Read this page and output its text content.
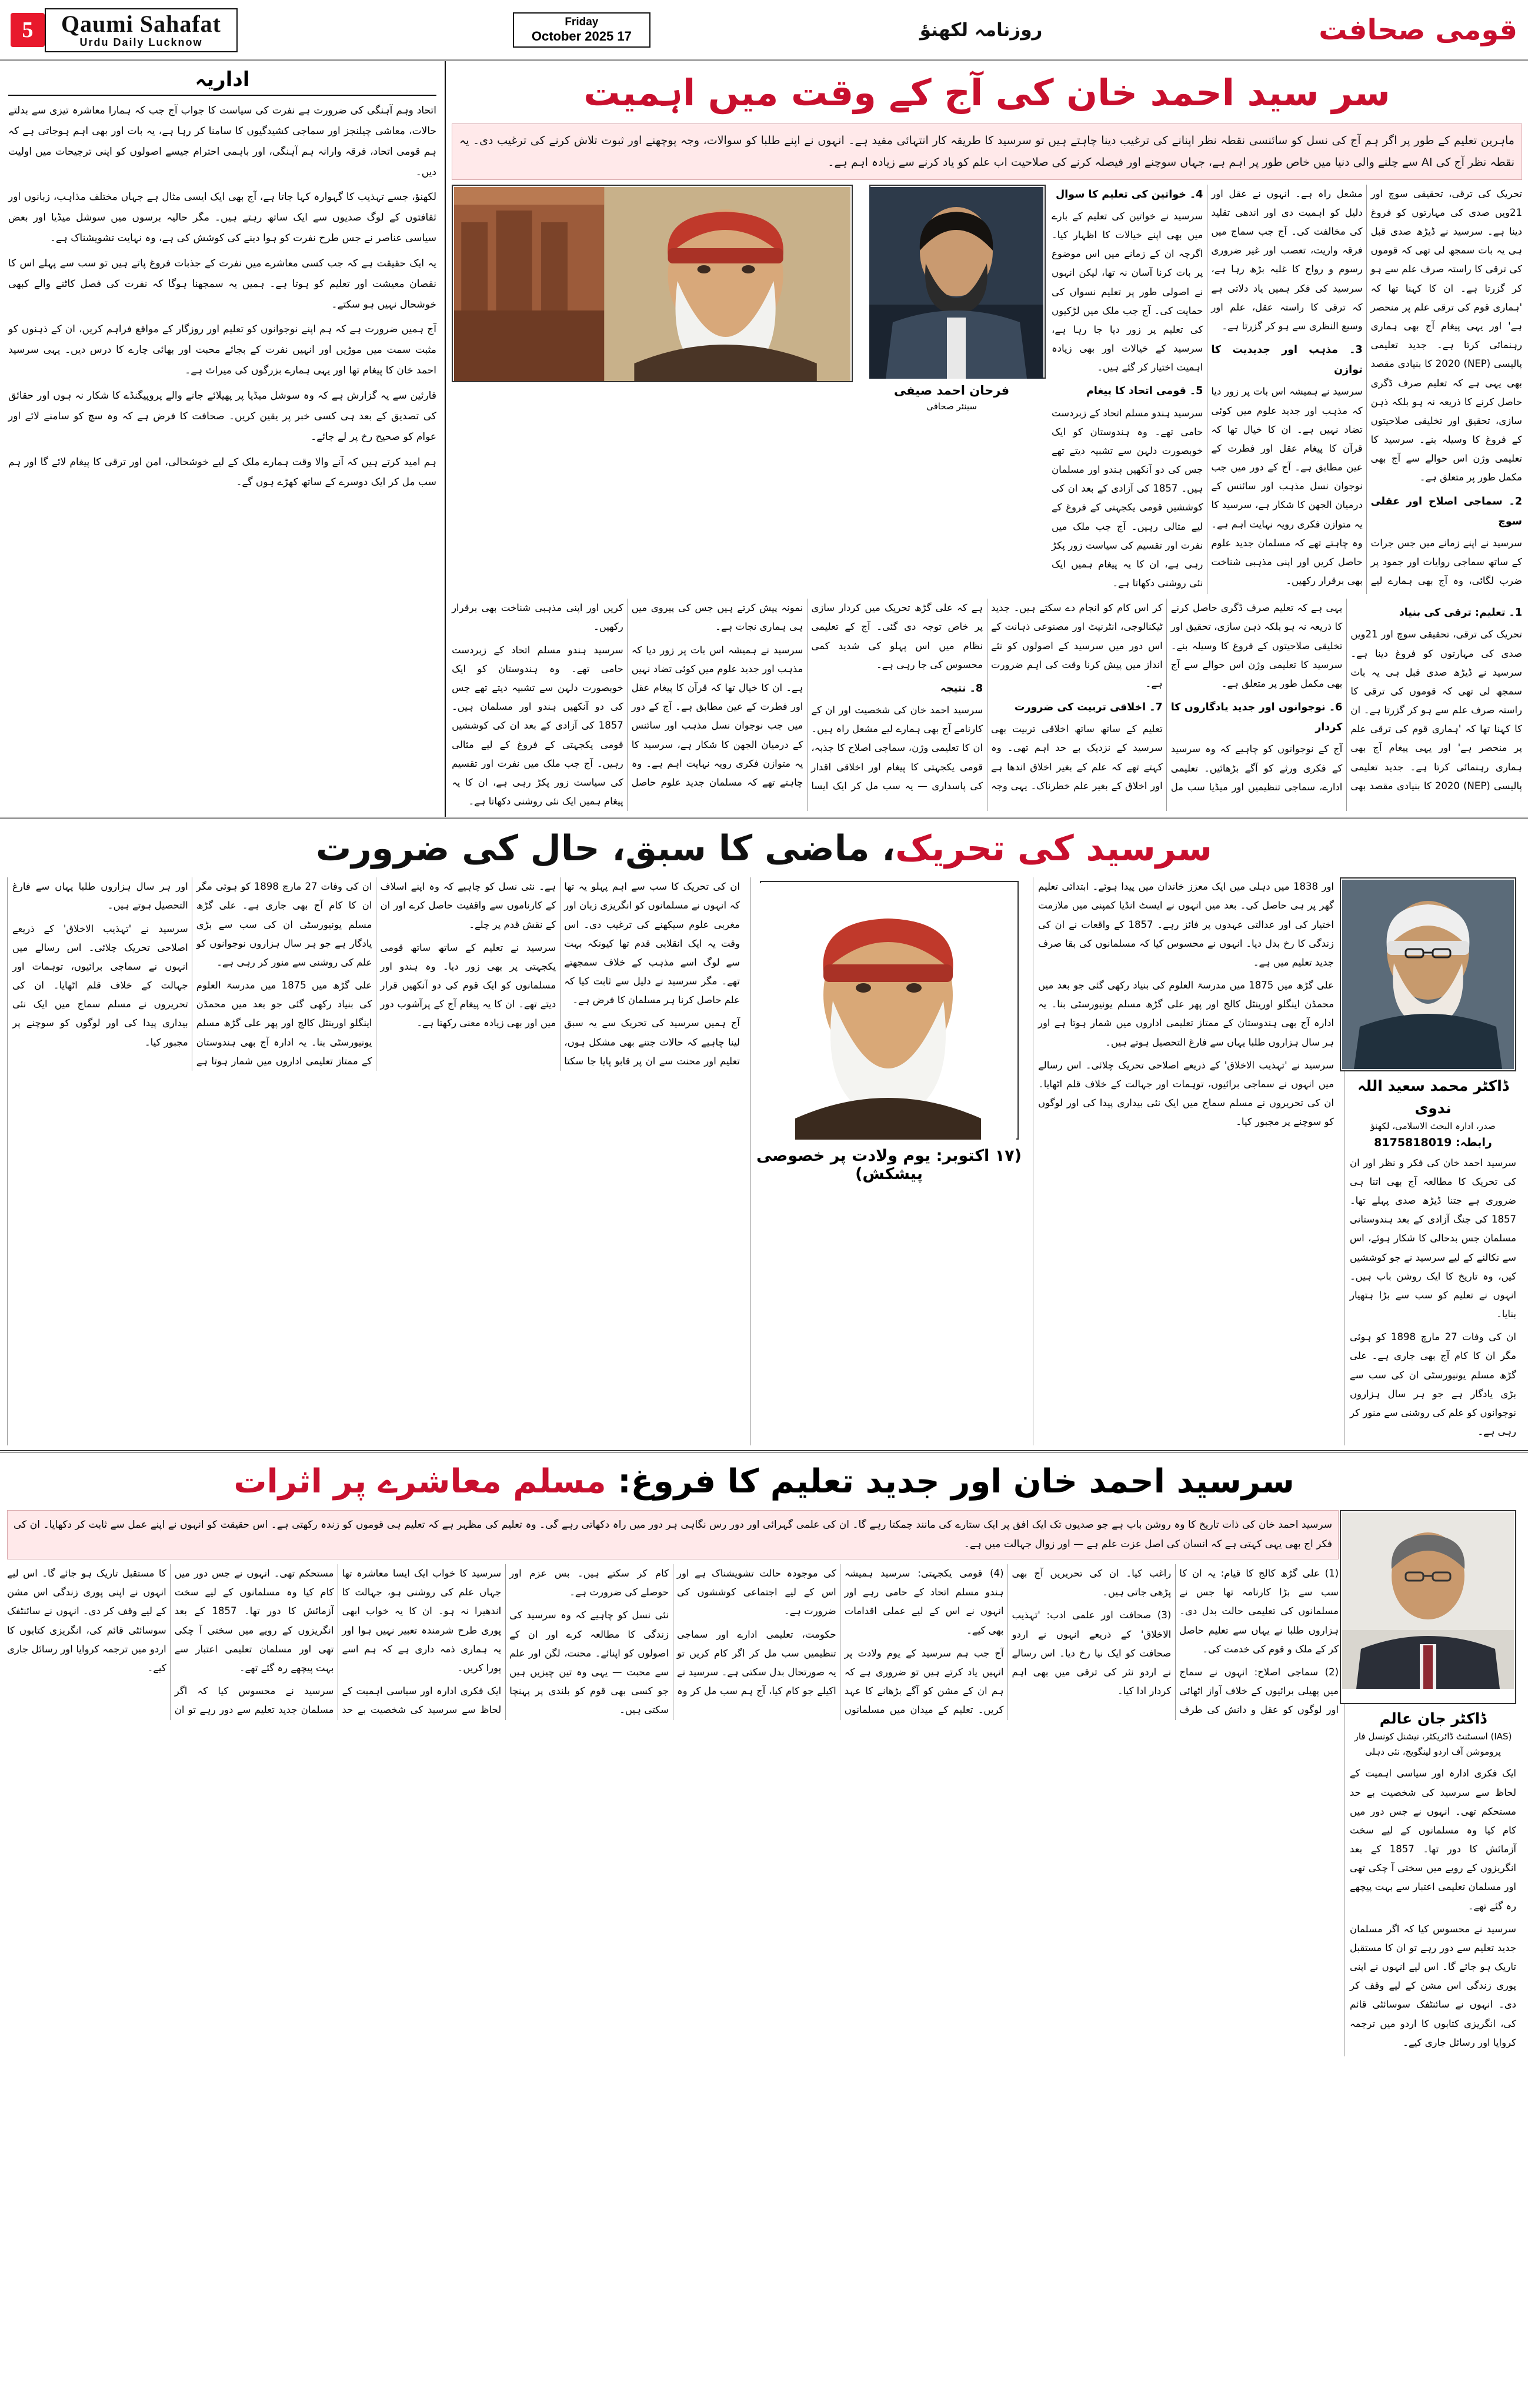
قومی صحافت
روزنامہ لکھنؤ
Friday
17 October 2025
Qaumi Sahafat
Urdu Daily Lucknow
5
سر سید احمد خان کی آج کے وقت میں اہمیت
ماہرین تعلیم کے طور پر اگر ہم آج کی نسل کو سائنسی نقطہ نظر اپنانے کی ترغیب دینا چاہتے ہیں تو سرسید کا طریقہ کار انتہائی مفید ہے۔ انہوں نے اپنے طلبا کو سوالات، وجہ پوچھنے اور ثبوت تلاش کرنے کی ترغیب دی۔ یہ نقطہ نظر آج کی AI سے چلنے والی دنیا میں خاص طور پر اہم ہے، جہاں سوچنے اور فیصلہ کرنے کی صلاحیت اب علم کو یاد کرنے سے زیادہ اہم ہے۔

تحریک کی ترقی، تحقیقی سوچ اور 21ویں صدی کی مہارتوں کو فروغ دینا ہے۔ سرسید نے ڈیڑھ صدی قبل ہی یہ بات سمجھ لی تھی کہ قوموں کی ترقی کا راستہ صرف علم سے ہو کر گزرتا ہے۔ ان کا کہنا تھا کہ 'ہماری قوم کی ترقی علم پر منحصر ہے' اور یہی پیغام آج بھی ہماری رہنمائی کرتا ہے۔ جدید تعلیمی پالیسی (NEP) 2020 کا بنیادی مقصد بھی یہی ہے کہ تعلیم صرف ڈگری حاصل کرنے کا ذریعہ نہ ہو بلکہ ذہن سازی، تحقیق اور تخلیقی صلاحیتوں کے فروغ کا وسیلہ بنے۔ سرسید کا تعلیمی وژن اس حوالے سے آج بھی مکمل طور پر متعلق ہے۔

2۔ سماجی اصلاح اور عقلی سوچ

سرسید نے اپنے زمانے میں جس جرات کے ساتھ سماجی روایات اور جمود پر ضرب لگائی، وہ آج بھی ہمارے لیے مشعل راہ ہے۔ انہوں نے عقل اور دلیل کو اہمیت دی اور اندھی تقلید کی مخالفت کی۔ آج جب سماج میں فرقہ واریت، تعصب اور غیر ضروری رسوم و رواج کا غلبہ بڑھ رہا ہے، سرسید کی فکر ہمیں یاد دلاتی ہے کہ ترقی کا راستہ عقل، علم اور وسیع النظری سے ہو کر گزرتا ہے۔

3۔ مذہب اور جدیدیت کا توازن

سرسید نے ہمیشہ اس بات پر زور دیا کہ مذہب اور جدید علوم میں کوئی تضاد نہیں ہے۔ ان کا خیال تھا کہ قرآن کا پیغام عقل اور فطرت کے عین مطابق ہے۔ آج کے دور میں جب نوجوان نسل مذہب اور سائنس کے درمیان الجھن کا شکار ہے، سرسید کا یہ متوازن فکری رویہ نہایت اہم ہے۔ وہ چاہتے تھے کہ مسلمان جدید علوم حاصل کریں اور اپنی مذہبی شناخت بھی برقرار رکھیں۔

4۔ خواتین کی تعلیم کا سوال

سرسید نے خواتین کی تعلیم کے بارے میں بھی اپنے خیالات کا اظہار کیا۔ اگرچہ ان کے زمانے میں اس موضوع پر بات کرنا آسان نہ تھا، لیکن انہوں نے اصولی طور پر تعلیم نسواں کی حمایت کی۔ آج جب ملک میں لڑکیوں کی تعلیم پر زور دیا جا رہا ہے، سرسید کے خیالات اور بھی زیادہ اہمیت اختیار کر گئے ہیں۔

5۔ قومی اتحاد کا پیغام

سرسید ہندو مسلم اتحاد کے زبردست حامی تھے۔ وہ ہندوستان کو ایک خوبصورت دلہن سے تشبیہ دیتے تھے جس کی دو آنکھیں ہندو اور مسلمان ہیں۔ 1857 کی آزادی کے بعد ان کی کوششیں قومی یکجہتی کے فروغ کے لیے مثالی رہیں۔ آج جب ملک میں نفرت اور تقسیم کی سیاست زور پکڑ رہی ہے، ان کا یہ پیغام ہمیں ایک نئی روشنی دکھاتا ہے۔

فرحان احمد صیفی
سینئر صحافی
1۔ تعلیم: ترقی کی بنیاد

تحریک کی ترقی، تحقیقی سوچ اور 21ویں صدی کی مہارتوں کو فروغ دینا ہے۔ سرسید نے ڈیڑھ صدی قبل ہی یہ بات سمجھ لی تھی کہ قوموں کی ترقی کا راستہ صرف علم سے ہو کر گزرتا ہے۔ ان کا کہنا تھا کہ 'ہماری قوم کی ترقی علم پر منحصر ہے' اور یہی پیغام آج بھی ہماری رہنمائی کرتا ہے۔ جدید تعلیمی پالیسی (NEP) 2020 کا بنیادی مقصد بھی یہی ہے کہ تعلیم صرف ڈگری حاصل کرنے کا ذریعہ نہ ہو بلکہ ذہن سازی، تحقیق اور تخلیقی صلاحیتوں کے فروغ کا وسیلہ بنے۔ سرسید کا تعلیمی وژن اس حوالے سے آج بھی مکمل طور پر متعلق ہے۔

6۔ نوجوانوں اور جدید یادگاروں کا کردار

آج کے نوجوانوں کو چاہیے کہ وہ سرسید کے فکری ورثے کو آگے بڑھائیں۔ تعلیمی ادارے، سماجی تنظیمیں اور میڈیا سب مل کر اس کام کو انجام دے سکتے ہیں۔ جدید ٹیکنالوجی، انٹرنیٹ اور مصنوعی ذہانت کے اس دور میں سرسید کے اصولوں کو نئے انداز میں پیش کرنا وقت کی اہم ضرورت ہے۔

7۔ اخلاقی تربیت کی ضرورت

تعلیم کے ساتھ ساتھ اخلاقی تربیت بھی سرسید کے نزدیک بے حد اہم تھی۔ وہ کہتے تھے کہ علم کے بغیر اخلاق اندھا ہے اور اخلاق کے بغیر علم خطرناک۔ یہی وجہ ہے کہ علی گڑھ تحریک میں کردار سازی پر خاص توجہ دی گئی۔ آج کے تعلیمی نظام میں اس پہلو کی شدید کمی محسوس کی جا رہی ہے۔

8۔ نتیجہ

سرسید احمد خان کی شخصیت اور ان کے کارنامے آج بھی ہمارے لیے مشعل راہ ہیں۔ ان کا تعلیمی وژن، سماجی اصلاح کا جذبہ، قومی یکجہتی کا پیغام اور اخلاقی اقدار کی پاسداری — یہ سب مل کر ایک ایسا نمونہ پیش کرتے ہیں جس کی پیروی میں ہی ہماری نجات ہے۔

سرسید نے ہمیشہ اس بات پر زور دیا کہ مذہب اور جدید علوم میں کوئی تضاد نہیں ہے۔ ان کا خیال تھا کہ قرآن کا پیغام عقل اور فطرت کے عین مطابق ہے۔ آج کے دور میں جب نوجوان نسل مذہب اور سائنس کے درمیان الجھن کا شکار ہے، سرسید کا یہ متوازن فکری رویہ نہایت اہم ہے۔ وہ چاہتے تھے کہ مسلمان جدید علوم حاصل کریں اور اپنی مذہبی شناخت بھی برقرار رکھیں۔

سرسید ہندو مسلم اتحاد کے زبردست حامی تھے۔ وہ ہندوستان کو ایک خوبصورت دلہن سے تشبیہ دیتے تھے جس کی دو آنکھیں ہندو اور مسلمان ہیں۔ 1857 کی آزادی کے بعد ان کی کوششیں قومی یکجہتی کے فروغ کے لیے مثالی رہیں۔ آج جب ملک میں نفرت اور تقسیم کی سیاست زور پکڑ رہی ہے، ان کا یہ پیغام ہمیں ایک نئی روشنی دکھاتا ہے۔

اداریہ

اتحاد وہم آہنگی کی ضرورت ہے نفرت کی سیاست کا جواب آج جب کہ ہمارا معاشرہ تیزی سے بدلتے حالات، معاشی چیلنجز اور سماجی کشیدگیوں کا سامنا کر رہا ہے، یہ بات اور بھی اہم ہوجاتی ہے کہ ہم قومی اتحاد، فرقہ وارانہ ہم آہنگی، اور باہمی احترام جیسے اصولوں کو اپنی ترجیحات میں اولیت دیں۔

لکھنؤ، جسے تہذیب کا گہوارہ کہا جاتا ہے، آج بھی ایک ایسی مثال ہے جہاں مختلف مذاہب، زبانوں اور ثقافتوں کے لوگ صدیوں سے ایک ساتھ رہتے ہیں۔ مگر حالیہ برسوں میں سوشل میڈیا اور بعض سیاسی عناصر نے جس طرح نفرت کو ہوا دینے کی کوشش کی ہے، وہ نہایت تشویشناک ہے۔

یہ ایک حقیقت ہے کہ جب کسی معاشرے میں نفرت کے جذبات فروغ پاتے ہیں تو سب سے پہلے اس کا نقصان معیشت اور تعلیم کو ہوتا ہے۔ ہمیں یہ سمجھنا ہوگا کہ نفرت کی فصل کاٹنے والے کبھی خوشحال نہیں ہو سکتے۔

آج ہمیں ضرورت ہے کہ ہم اپنے نوجوانوں کو تعلیم اور روزگار کے مواقع فراہم کریں، ان کے ذہنوں کو مثبت سمت میں موڑیں اور انہیں نفرت کے بجائے محبت اور بھائی چارے کا درس دیں۔ یہی سرسید احمد خان کا پیغام تھا اور یہی ہمارے بزرگوں کی میراث ہے۔

قارئین سے یہ گزارش ہے کہ وہ سوشل میڈیا پر پھیلائے جانے والے پروپیگنڈے کا شکار نہ ہوں اور حقائق کی تصدیق کے بعد ہی کسی خبر پر یقین کریں۔ صحافت کا فرض ہے کہ وہ سچ کو سامنے لائے اور عوام کو صحیح رخ پر لے جائے۔

ہم امید کرتے ہیں کہ آنے والا وقت ہمارے ملک کے لیے خوشحالی، امن اور ترقی کا پیغام لائے گا اور ہم سب مل کر ایک دوسرے کے ساتھ کھڑے ہوں گے۔

سرسید کی تحریک، ماضی کا سبق، حال کی ضرورت
ڈاکٹر محمد سعید اللہ ندوی
صدر، ادارہ البحث الاسلامی، لکھنؤ
رابطہ: 8175818019

سرسید احمد خان کی فکر و نظر اور ان کی تحریک کا مطالعہ آج بھی اتنا ہی ضروری ہے جتنا ڈیڑھ صدی پہلے تھا۔ 1857 کی جنگ آزادی کے بعد ہندوستانی مسلمان جس بدحالی کا شکار ہوئے، اس سے نکالنے کے لیے سرسید نے جو کوششیں کیں، وہ تاریخ کا ایک روشن باب ہیں۔ انہوں نے تعلیم کو سب سے بڑا ہتھیار بنایا۔

ان کی وفات 27 مارچ 1898 کو ہوئی مگر ان کا کام آج بھی جاری ہے۔ علی گڑھ مسلم یونیورسٹی ان کی سب سے بڑی یادگار ہے جو ہر سال ہزاروں نوجوانوں کو علم کی روشنی سے منور کر رہی ہے۔

اور 1838 میں دہلی میں ایک معزز خاندان میں پیدا ہوئے۔ ابتدائی تعلیم گھر پر ہی حاصل کی۔ بعد میں انہوں نے ایسٹ انڈیا کمپنی میں ملازمت اختیار کی اور عدالتی عہدوں پر فائز رہے۔ 1857 کے واقعات نے ان کی زندگی کا رخ بدل دیا۔ انہوں نے محسوس کیا کہ مسلمانوں کی بقا صرف جدید تعلیم میں ہے۔

علی گڑھ میں 1875 میں مدرسۃ العلوم کی بنیاد رکھی گئی جو بعد میں محمڈن اینگلو اورینٹل کالج اور پھر علی گڑھ مسلم یونیورسٹی بنا۔ یہ ادارہ آج بھی ہندوستان کے ممتاز تعلیمی اداروں میں شمار ہوتا ہے اور ہر سال ہزاروں طلبا یہاں سے فارغ التحصیل ہوتے ہیں۔

سرسید نے 'تہذیب الاخلاق' کے ذریعے اصلاحی تحریک چلائی۔ اس رسالے میں انہوں نے سماجی برائیوں، توہمات اور جہالت کے خلاف قلم اٹھایا۔ ان کی تحریروں نے مسلم سماج میں ایک نئی بیداری پیدا کی اور لوگوں کو سوچنے پر مجبور کیا۔

(۱۷ اکتوبر: یوم ولادت پر خصوصی پیشکش)

ان کی تحریک کا سب سے اہم پہلو یہ تھا کہ انہوں نے مسلمانوں کو انگریزی زبان اور مغربی علوم سیکھنے کی ترغیب دی۔ اس وقت یہ ایک انقلابی قدم تھا کیونکہ بہت سے لوگ اسے مذہب کے خلاف سمجھتے تھے۔ مگر سرسید نے دلیل سے ثابت کیا کہ علم حاصل کرنا ہر مسلمان کا فرض ہے۔

آج ہمیں سرسید کی تحریک سے یہ سبق لینا چاہیے کہ حالات جتنے بھی مشکل ہوں، تعلیم اور محنت سے ان پر قابو پایا جا سکتا ہے۔ نئی نسل کو چاہیے کہ وہ اپنے اسلاف کے کارناموں سے واقفیت حاصل کرے اور ان کے نقش قدم پر چلے۔

سرسید نے تعلیم کے ساتھ ساتھ قومی یکجہتی پر بھی زور دیا۔ وہ ہندو اور مسلمانوں کو ایک قوم کی دو آنکھیں قرار دیتے تھے۔ ان کا یہ پیغام آج کے پرآشوب دور میں اور بھی زیادہ معنی رکھتا ہے۔

ان کی وفات 27 مارچ 1898 کو ہوئی مگر ان کا کام آج بھی جاری ہے۔ علی گڑھ مسلم یونیورسٹی ان کی سب سے بڑی یادگار ہے جو ہر سال ہزاروں نوجوانوں کو علم کی روشنی سے منور کر رہی ہے۔

علی گڑھ میں 1875 میں مدرسۃ العلوم کی بنیاد رکھی گئی جو بعد میں محمڈن اینگلو اورینٹل کالج اور پھر علی گڑھ مسلم یونیورسٹی بنا۔ یہ ادارہ آج بھی ہندوستان کے ممتاز تعلیمی اداروں میں شمار ہوتا ہے اور ہر سال ہزاروں طلبا یہاں سے فارغ التحصیل ہوتے ہیں۔

سرسید نے 'تہذیب الاخلاق' کے ذریعے اصلاحی تحریک چلائی۔ اس رسالے میں انہوں نے سماجی برائیوں، توہمات اور جہالت کے خلاف قلم اٹھایا۔ ان کی تحریروں نے مسلم سماج میں ایک نئی بیداری پیدا کی اور لوگوں کو سوچنے پر مجبور کیا۔

سرسید احمد خان اور جدید تعلیم کا فروغ: مسلم معاشرے پر اثرات
ڈاکٹر جان عالم
(IAS) اسسٹنٹ ڈائریکٹر، نیشنل کونسل فار پروموشن آف اردو لینگویج، نئی دہلی

ایک فکری ادارہ اور سیاسی اہمیت کے لحاظ سے سرسید کی شخصیت بے حد مستحکم تھی۔ انہوں نے جس دور میں کام کیا وہ مسلمانوں کے لیے سخت آزمائش کا دور تھا۔ 1857 کے بعد انگریزوں کے رویے میں سختی آ چکی تھی اور مسلمان تعلیمی اعتبار سے بہت پیچھے رہ گئے تھے۔

سرسید نے محسوس کیا کہ اگر مسلمان جدید تعلیم سے دور رہے تو ان کا مستقبل تاریک ہو جائے گا۔ اس لیے انہوں نے اپنی پوری زندگی اس مشن کے لیے وقف کر دی۔ انہوں نے سائنٹفک سوسائٹی قائم کی، انگریزی کتابوں کا اردو میں ترجمہ کروایا اور رسائل جاری کیے۔

سرسید احمد خان کی ذات تاریخ کا وہ روشن باب ہے جو صدیوں تک ایک افق پر ایک ستارے کی مانند چمکتا رہے گا۔ ان کی علمی گہرائی اور دور رس نگاہی ہر دور میں راہ دکھاتی رہے گی۔ وہ تعلیم کی مظہر ہے کہ تعلیم ہی قوموں کو زندہ رکھتی ہے۔ اس حقیقت کو انہوں نے اپنے عمل سے ثابت کر دکھایا۔ ان کی فکر اج بھی یہی کہتی ہے کہ انسان کی اصل عزت علم ہے — اور زوال جہالت میں ہے۔

(1) علی گڑھ کالج کا قیام: یہ ان کا سب سے بڑا کارنامہ تھا جس نے مسلمانوں کی تعلیمی حالت بدل دی۔ ہزاروں طلبا نے یہاں سے تعلیم حاصل کر کے ملک و قوم کی خدمت کی۔

(2) سماجی اصلاح: انہوں نے سماج میں پھیلی برائیوں کے خلاف آواز اٹھائی اور لوگوں کو عقل و دانش کی طرف راغب کیا۔ ان کی تحریریں آج بھی پڑھی جاتی ہیں۔

(3) صحافت اور علمی ادب: 'تہذیب الاخلاق' کے ذریعے انہوں نے اردو صحافت کو ایک نیا رخ دیا۔ اس رسالے نے اردو نثر کی ترقی میں بھی اہم کردار ادا کیا۔

(4) قومی یکجہتی: سرسید ہمیشہ ہندو مسلم اتحاد کے حامی رہے اور انہوں نے اس کے لیے عملی اقدامات بھی کیے۔

آج جب ہم سرسید کے یوم ولادت پر انہیں یاد کرتے ہیں تو ضروری ہے کہ ہم ان کے مشن کو آگے بڑھانے کا عہد کریں۔ تعلیم کے میدان میں مسلمانوں کی موجودہ حالت تشویشناک ہے اور اس کے لیے اجتماعی کوششوں کی ضرورت ہے۔

حکومت، تعلیمی ادارے اور سماجی تنظیمیں سب مل کر اگر کام کریں تو یہ صورتحال بدل سکتی ہے۔ سرسید نے اکیلے جو کام کیا، آج ہم سب مل کر وہ کام کر سکتے ہیں۔ بس عزم اور حوصلے کی ضرورت ہے۔

نئی نسل کو چاہیے کہ وہ سرسید کی زندگی کا مطالعہ کرے اور ان کے اصولوں کو اپنائے۔ محنت، لگن اور علم سے محبت — یہی وہ تین چیزیں ہیں جو کسی بھی قوم کو بلندی پر پہنچا سکتی ہیں۔

سرسید کا خواب ایک ایسا معاشرہ تھا جہاں علم کی روشنی ہو، جہالت کا اندھیرا نہ ہو۔ ان کا یہ خواب ابھی پوری طرح شرمندہ تعبیر نہیں ہوا اور یہ ہماری ذمہ داری ہے کہ ہم اسے پورا کریں۔

ایک فکری ادارہ اور سیاسی اہمیت کے لحاظ سے سرسید کی شخصیت بے حد مستحکم تھی۔ انہوں نے جس دور میں کام کیا وہ مسلمانوں کے لیے سخت آزمائش کا دور تھا۔ 1857 کے بعد انگریزوں کے رویے میں سختی آ چکی تھی اور مسلمان تعلیمی اعتبار سے بہت پیچھے رہ گئے تھے۔

سرسید نے محسوس کیا کہ اگر مسلمان جدید تعلیم سے دور رہے تو ان کا مستقبل تاریک ہو جائے گا۔ اس لیے انہوں نے اپنی پوری زندگی اس مشن کے لیے وقف کر دی۔ انہوں نے سائنٹفک سوسائٹی قائم کی، انگریزی کتابوں کا اردو میں ترجمہ کروایا اور رسائل جاری کیے۔
